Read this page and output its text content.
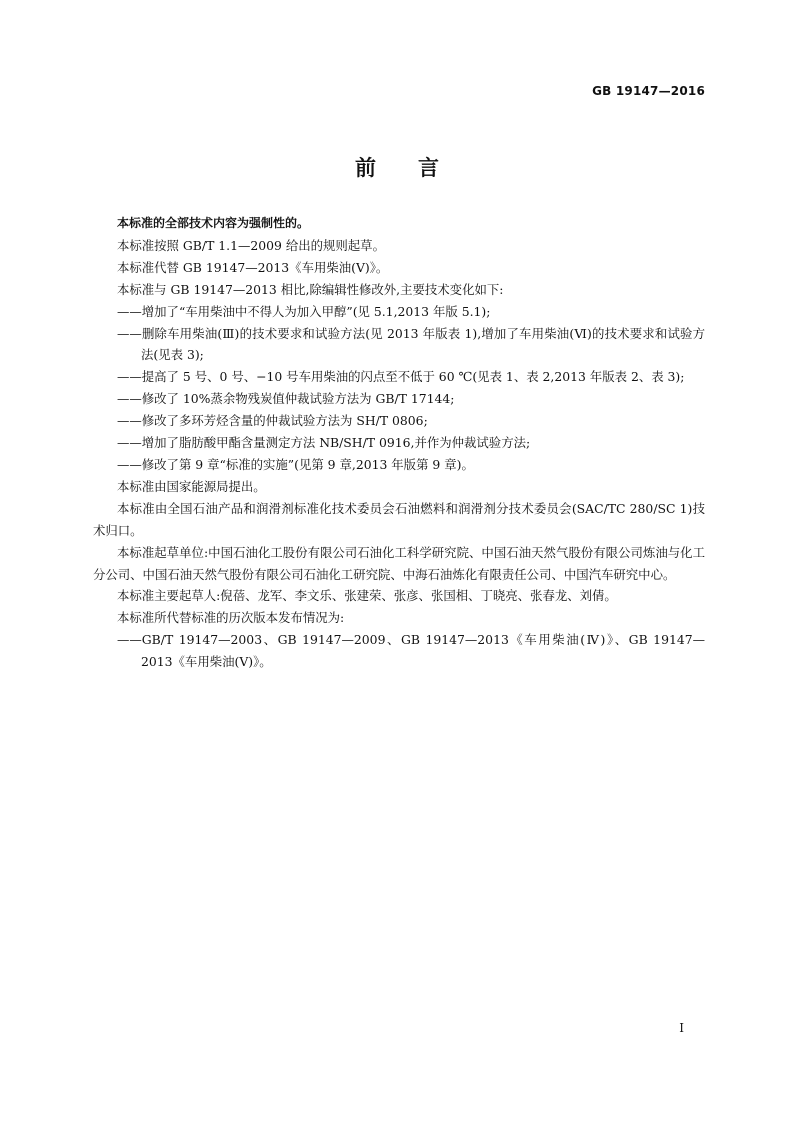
GB 19147—2016
前言

本标准的全部技术内容为强制性的。

本标准按照 GB/T 1.1—2009 给出的规则起草。

本标准代替 GB 19147—2013《车用柴油(Ⅴ)》。

本标准与 GB 19147—2013 相比,除编辑性修改外,主要技术变化如下:

——增加了“车用柴油中不得人为加入甲醇”(见 5.1,2013 年版 5.1);

——删除车用柴油(Ⅲ)的技术要求和试验方法(见 2013 年版表 1),增加了车用柴油(Ⅵ)的技术要求和试验方法(见表 3);

——提高了 5 号、0 号、−10 号车用柴油的闪点至不低于 60 ℃(见表 1、表 2,2013 年版表 2、表 3);

——修改了 10%蒸余物残炭值仲裁试验方法为 GB/T 17144;

——修改了多环芳烃含量的仲裁试验方法为 SH/T 0806;

——增加了脂肪酸甲酯含量测定方法 NB/SH/T 0916,并作为仲裁试验方法;

——修改了第 9 章“标准的实施”(见第 9 章,2013 年版第 9 章)。

本标准由国家能源局提出。

本标准由全国石油产品和润滑剂标准化技术委员会石油燃料和润滑剂分技术委员会(SAC/TC 280/SC 1)技术归口。

本标准起草单位:中国石油化工股份有限公司石油化工科学研究院、中国石油天然气股份有限公司炼油与化工分公司、中国石油天然气股份有限公司石油化工研究院、中海石油炼化有限责任公司、中国汽车研究中心。

本标准主要起草人:倪蓓、龙军、李文乐、张建荣、张彦、张国相、丁晓亮、张春龙、刘倩。

本标准所代替标准的历次版本发布情况为:

——GB/T 19147—2003、GB 19147—2009、GB 19147—2013《车用柴油(Ⅳ)》、GB 19147—2013《车用柴油(Ⅴ)》。

I
